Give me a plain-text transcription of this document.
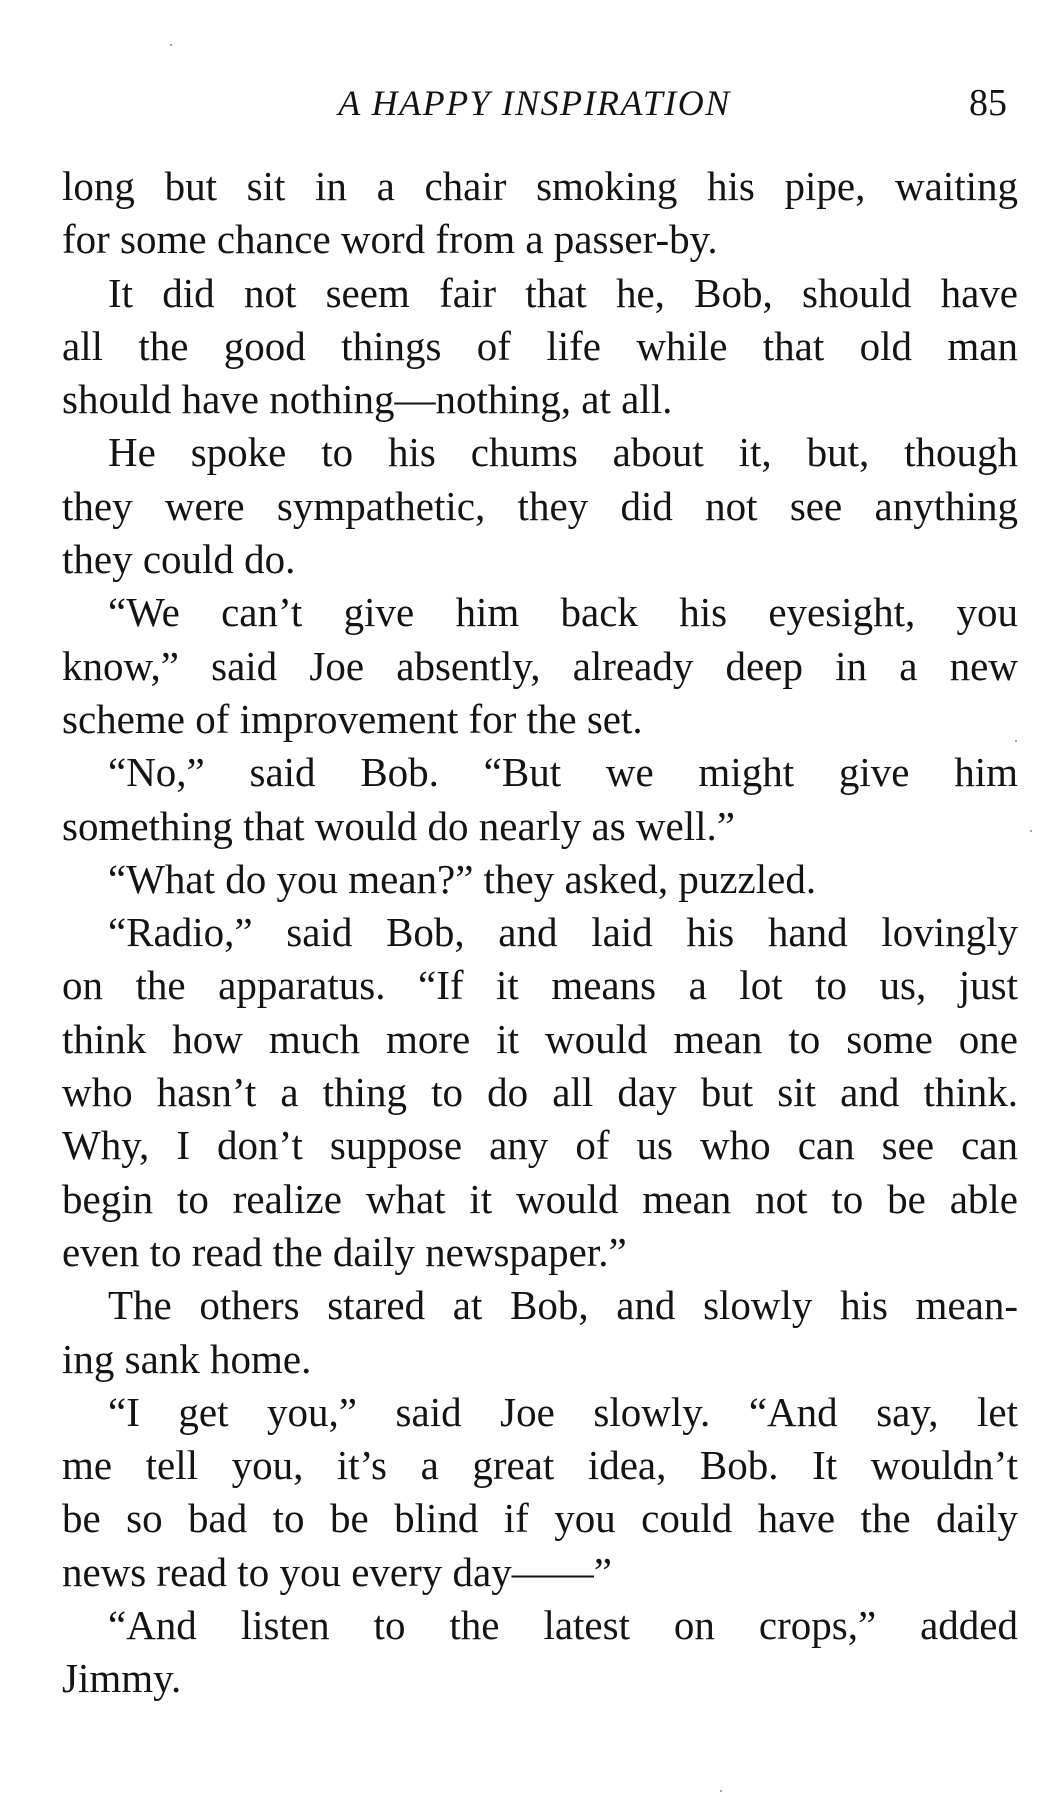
A HAPPY INSPIRATION	85
long but sit in a chair smoking his pipe, waiting
for some chance word from a passer-by.
It did not seem fair that he, Bob, should have
all the good things of life while that old man
should have nothing—nothing, at all.
He spoke to his chums about it, but, though
they were sympathetic, they did not see anything
they could do.
“We can’t give him back his eyesight, you
know,” said Joe absently, already deep in a new
scheme of improvement for the set.
“No,” said Bob. “But we might give him
something that would do nearly as well.”
“What do you mean?” they asked, puzzled.
“Radio,” said Bob, and laid his hand lovingly
on the apparatus. “If it means a lot to us, just
think how much more it would mean to some one
who hasn’t a thing to do all day but sit and think.
Why, I don’t suppose any of us who can see can
begin to realize what it would mean not to be able
even to read the daily newspaper.”
The others stared at Bob, and slowly his mean-
ing sank home.
“I get you,” said Joe slowly. “And say, let
me tell you, it’s a great idea, Bob. It wouldn’t
be so bad to be blind if you could have the daily
news read to you every day——”
“And listen to the latest on crops,” added
Jimmy.
